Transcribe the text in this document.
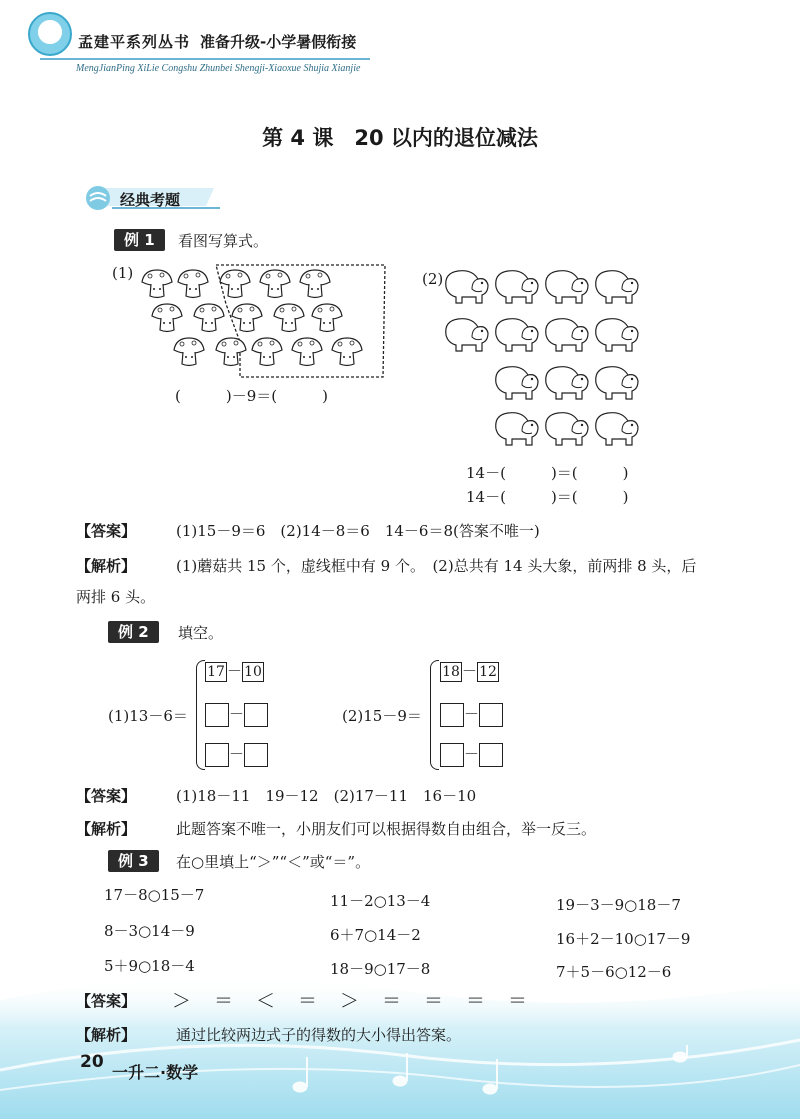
孟建平系列丛书 准备升级-小学暑假衔接
MengJianPing XiLie Congshu Zhunbei Shengji-Xiaoxue Shujia Xianjie
第 4 课　20 以内的退位减法
经典考题
例 1	看图写算式。
(1)	(2)
(　　　)－9＝(　　　)
14－(　　　)＝(　　　)
14－(　　　)＝(　　　)
【答案】	(1)15－9＝6　(2)14－8＝6　14－6＝8(答案不唯一)
【解析】	(1)蘑菇共 15 个，虚线框中有 9 个。　(2)总共有 14 头大象，前两排 8 头，后
两排 6 头。
例 2	填空。
(1)13－6＝
17 － 10
－
－
(2)15－9＝
18 － 12
－
－
【答案】	(1)18－11　19－12　(2)17－11　16－10
【解析】	此题答案不唯一，小朋友们可以根据得数自由组合，举一反三。
例 3	在○里填上“＞”“＜”或“＝”。
17－8○15－7	11－2○13－4	19－3－9○18－7
8－3○14－9	6＋7○14－2	16＋2－10○17－9
5＋9○18－4	18－9○17－8	7＋5－6○12－6
【答案】 ＞　＝　＜　＝　＞　＝　＝　＝　＝
【解析】	通过比较两边式子的得数的大小得出答案。
20
一升二·数学
